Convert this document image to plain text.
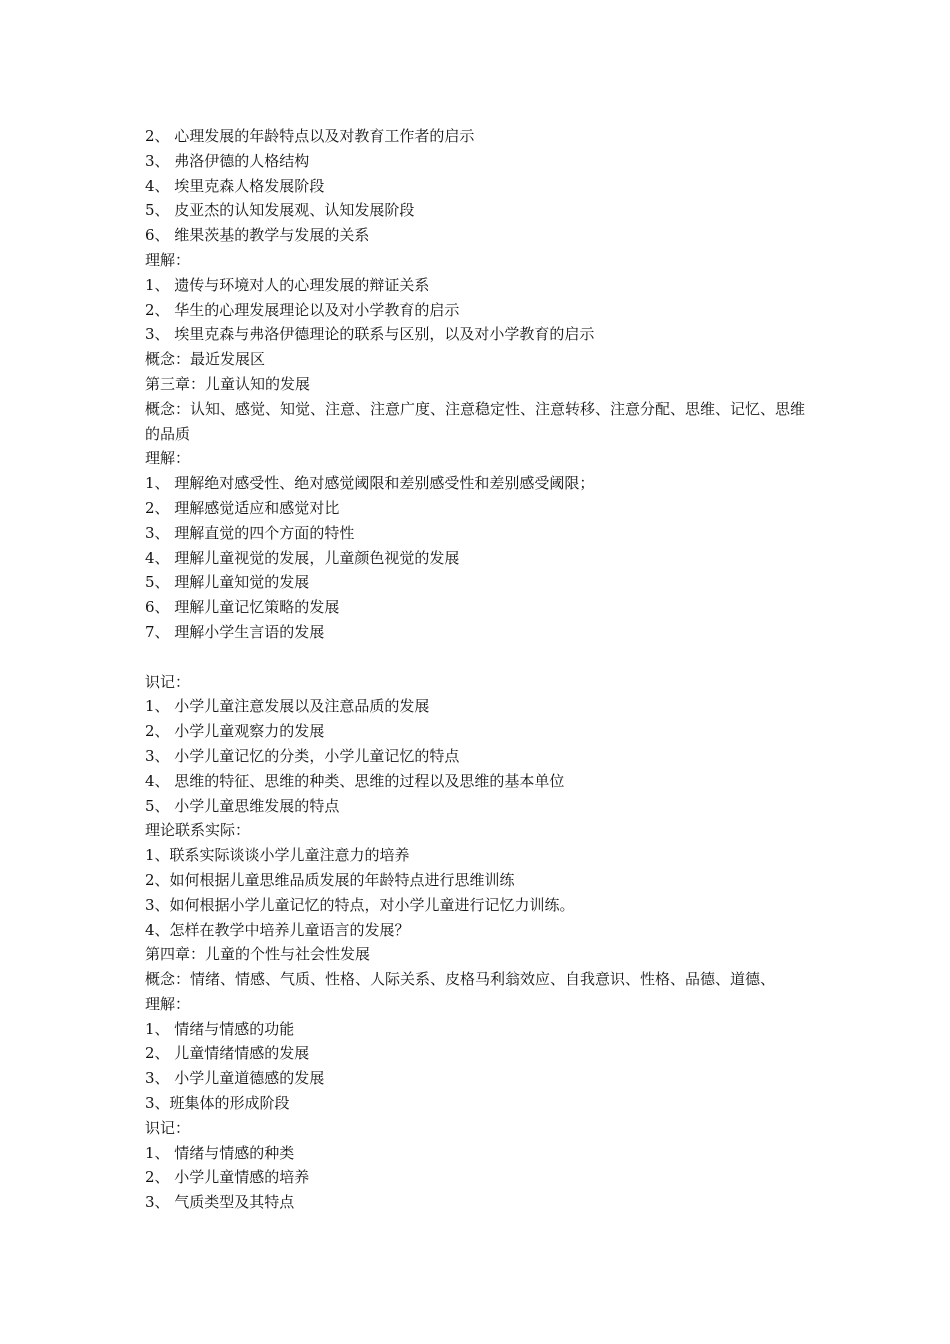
2、 心理发展的年龄特点以及对教育工作者的启示
3、 弗洛伊德的人格结构
4、 埃里克森人格发展阶段
5、 皮亚杰的认知发展观、认知发展阶段
6、 维果茨基的教学与发展的关系
理解：
1、 遗传与环境对人的心理发展的辩证关系
2、 华生的心理发展理论以及对小学教育的启示
3、 埃里克森与弗洛伊德理论的联系与区别，以及对小学教育的启示
概念：最近发展区
第三章：儿童认知的发展
概念：认知、感觉、知觉、注意、注意广度、注意稳定性、注意转移、注意分配、思维、记忆、思维的品质
理解：
1、 理解绝对感受性、绝对感觉阈限和差别感受性和差别感受阈限；
2、 理解感觉适应和感觉对比
3、 理解直觉的四个方面的特性
4、 理解儿童视觉的发展，儿童颜色视觉的发展
5、 理解儿童知觉的发展
6、 理解儿童记忆策略的发展
7、 理解小学生言语的发展
识记：
1、 小学儿童注意发展以及注意品质的发展
2、 小学儿童观察力的发展
3、 小学儿童记忆的分类，小学儿童记忆的特点
4、 思维的特征、思维的种类、思维的过程以及思维的基本单位
5、 小学儿童思维发展的特点
理论联系实际：
1、联系实际谈谈小学儿童注意力的培养
2、如何根据儿童思维品质发展的年龄特点进行思维训练
3、如何根据小学儿童记忆的特点，对小学儿童进行记忆力训练。
4、怎样在教学中培养儿童语言的发展？
第四章：儿童的个性与社会性发展
概念：情绪、情感、气质、性格、人际关系、皮格马利翁效应、自我意识、性格、品德、道德、
理解：
1、 情绪与情感的功能
2、 儿童情绪情感的发展
3、 小学儿童道德感的发展
3、班集体的形成阶段
识记：
1、 情绪与情感的种类
2、 小学儿童情感的培养
3、 气质类型及其特点
